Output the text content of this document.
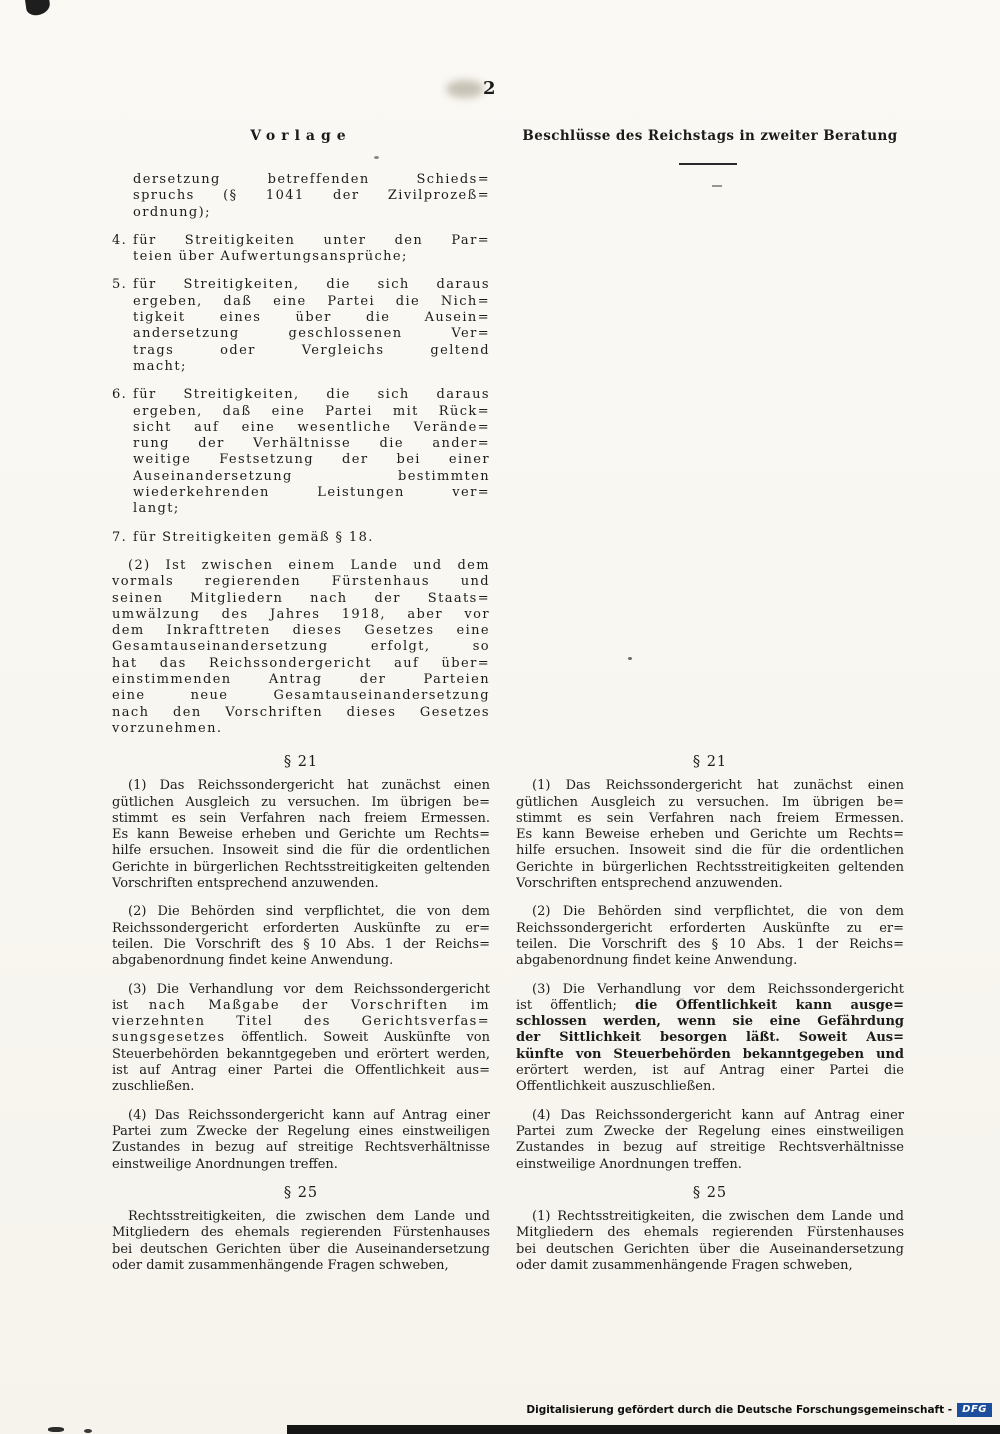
2
Vorlage	Beschlüsse des Reichstags in zweiter Beratung
dersetzung betreffenden Schieds=
spruchs (§ 1041 der Zivilprozeß=
ordnung);
4. für Streitigkeiten unter den Par=
teien über Aufwertungsansprüche;
5. für Streitigkeiten, die sich daraus
ergeben, daß eine Partei die Nich=
tigkeit eines über die Ausein=
andersetzung geschlossenen Ver=
trags oder Vergleichs geltend
macht;
6. für Streitigkeiten, die sich daraus
ergeben, daß eine Partei mit Rück=
sicht auf eine wesentliche Verände=
rung der Verhältnisse die ander=
weitige Festsetzung der bei einer
Auseinandersetzung bestimmten
wiederkehrenden Leistungen ver=
langt;
7. für Streitigkeiten gemäß § 18.
(2) Ist zwischen einem Lande und dem
vormals regierenden Fürstenhaus und
seinen Mitgliedern nach der Staats=
umwälzung des Jahres 1918, aber vor
dem Inkrafttreten dieses Gesetzes eine
Gesamtauseinandersetzung erfolgt, so
hat das Reichssondergericht auf über=
einstimmenden Antrag der Parteien
eine neue Gesamtauseinandersetzung
nach den Vorschriften dieses Gesetzes
vorzunehmen.
§ 21
(1) Das Reichssondergericht hat zunächst einen
gütlichen Ausgleich zu versuchen. Im übrigen be=
stimmt es sein Verfahren nach freiem Ermessen.
Es kann Beweise erheben und Gerichte um Rechts=
hilfe ersuchen. Insoweit sind die für die ordentlichen
Gerichte in bürgerlichen Rechtsstreitigkeiten geltenden
Vorschriften entsprechend anzuwenden.
(2) Die Behörden sind verpflichtet, die von dem
Reichssondergericht erforderten Auskünfte zu er=
teilen. Die Vorschrift des § 10 Abs. 1 der Reichs=
abgabenordnung findet keine Anwendung.
(3) Die Verhandlung vor dem Reichssondergericht
ist nach Maßgabe der Vorschriften im
vierzehnten Titel des Gerichtsverfas=
sungsgesetzes öffentlich. Soweit Auskünfte von
Steuerbehörden bekanntgegeben und erörtert werden,
ist auf Antrag einer Partei die Öffentlichkeit aus=
zuschließen.
(4) Das Reichssondergericht kann auf Antrag einer
Partei zum Zwecke der Regelung eines einstweiligen
Zustandes in bezug auf streitige Rechtsverhältnisse
einstweilige Anordnungen treffen.
§ 25
Rechtsstreitigkeiten, die zwischen dem Lande und
Mitgliedern des ehemals regierenden Fürstenhauses
bei deutschen Gerichten über die Auseinandersetzung
oder damit zusammenhängende Fragen schweben,
§ 21
(1) Das Reichssondergericht hat zunächst einen
gütlichen Ausgleich zu versuchen. Im übrigen be=
stimmt es sein Verfahren nach freiem Ermessen.
Es kann Beweise erheben und Gerichte um Rechts=
hilfe ersuchen. Insoweit sind die für die ordentlichen
Gerichte in bürgerlichen Rechtsstreitigkeiten geltenden
Vorschriften entsprechend anzuwenden.
(2) Die Behörden sind verpflichtet, die von dem
Reichssondergericht erforderten Auskünfte zu er=
teilen. Die Vorschrift des § 10 Abs. 1 der Reichs=
abgabenordnung findet keine Anwendung.
(3) Die Verhandlung vor dem Reichssondergericht
ist öffentlich; die Öffentlichkeit kann ausge=
schlossen werden, wenn sie eine Gefährdung
der Sittlichkeit besorgen läßt. Soweit Aus=
künfte von Steuerbehörden bekanntgegeben und
erörtert werden, ist auf Antrag einer Partei die
Öffentlichkeit auszuschließen.
(4) Das Reichssondergericht kann auf Antrag einer
Partei zum Zwecke der Regelung eines einstweiligen
Zustandes in bezug auf streitige Rechtsverhältnisse
einstweilige Anordnungen treffen.
§ 25
(1) Rechtsstreitigkeiten, die zwischen dem Lande und
Mitgliedern des ehemals regierenden Fürstenhauses
bei deutschen Gerichten über die Auseinandersetzung
oder damit zusammenhängende Fragen schweben,
Digitalisierung gefördert durch die Deutsche Forschungsgemeinschaft -	DFG
